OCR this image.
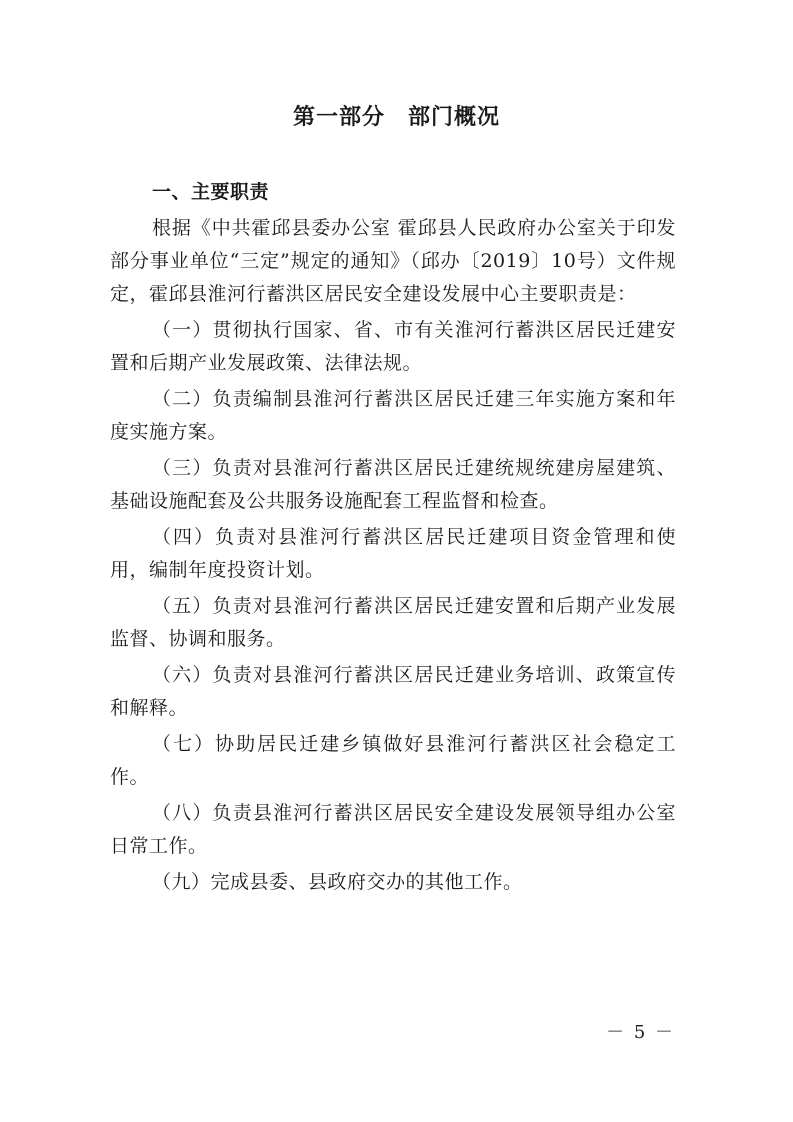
第一部分　部门概况

一、主要职责

根据《中共霍邱县委办公室 霍邱县人民政府办公室关于印发部分事业单位“三定”规定的通知》（邱办〔2019〕10号）文件规定，霍邱县淮河行蓄洪区居民安全建设发展中心主要职责是：

（一）贯彻执行国家、省、市有关淮河行蓄洪区居民迁建安置和后期产业发展政策、法律法规。

（二）负责编制县淮河行蓄洪区居民迁建三年实施方案和年度实施方案。

（三）负责对县淮河行蓄洪区居民迁建统规统建房屋建筑、基础设施配套及公共服务设施配套工程监督和检查。

（四）负责对县淮河行蓄洪区居民迁建项目资金管理和使用，编制年度投资计划。

（五）负责对县淮河行蓄洪区居民迁建安置和后期产业发展监督、协调和服务。

（六）负责对县淮河行蓄洪区居民迁建业务培训、政策宣传和解释。

（七）协助居民迁建乡镇做好县淮河行蓄洪区社会稳定工作。

（八）负责县淮河行蓄洪区居民安全建设发展领导组办公室日常工作。

（九）完成县委、县政府交办的其他工作。

－ 5 －
